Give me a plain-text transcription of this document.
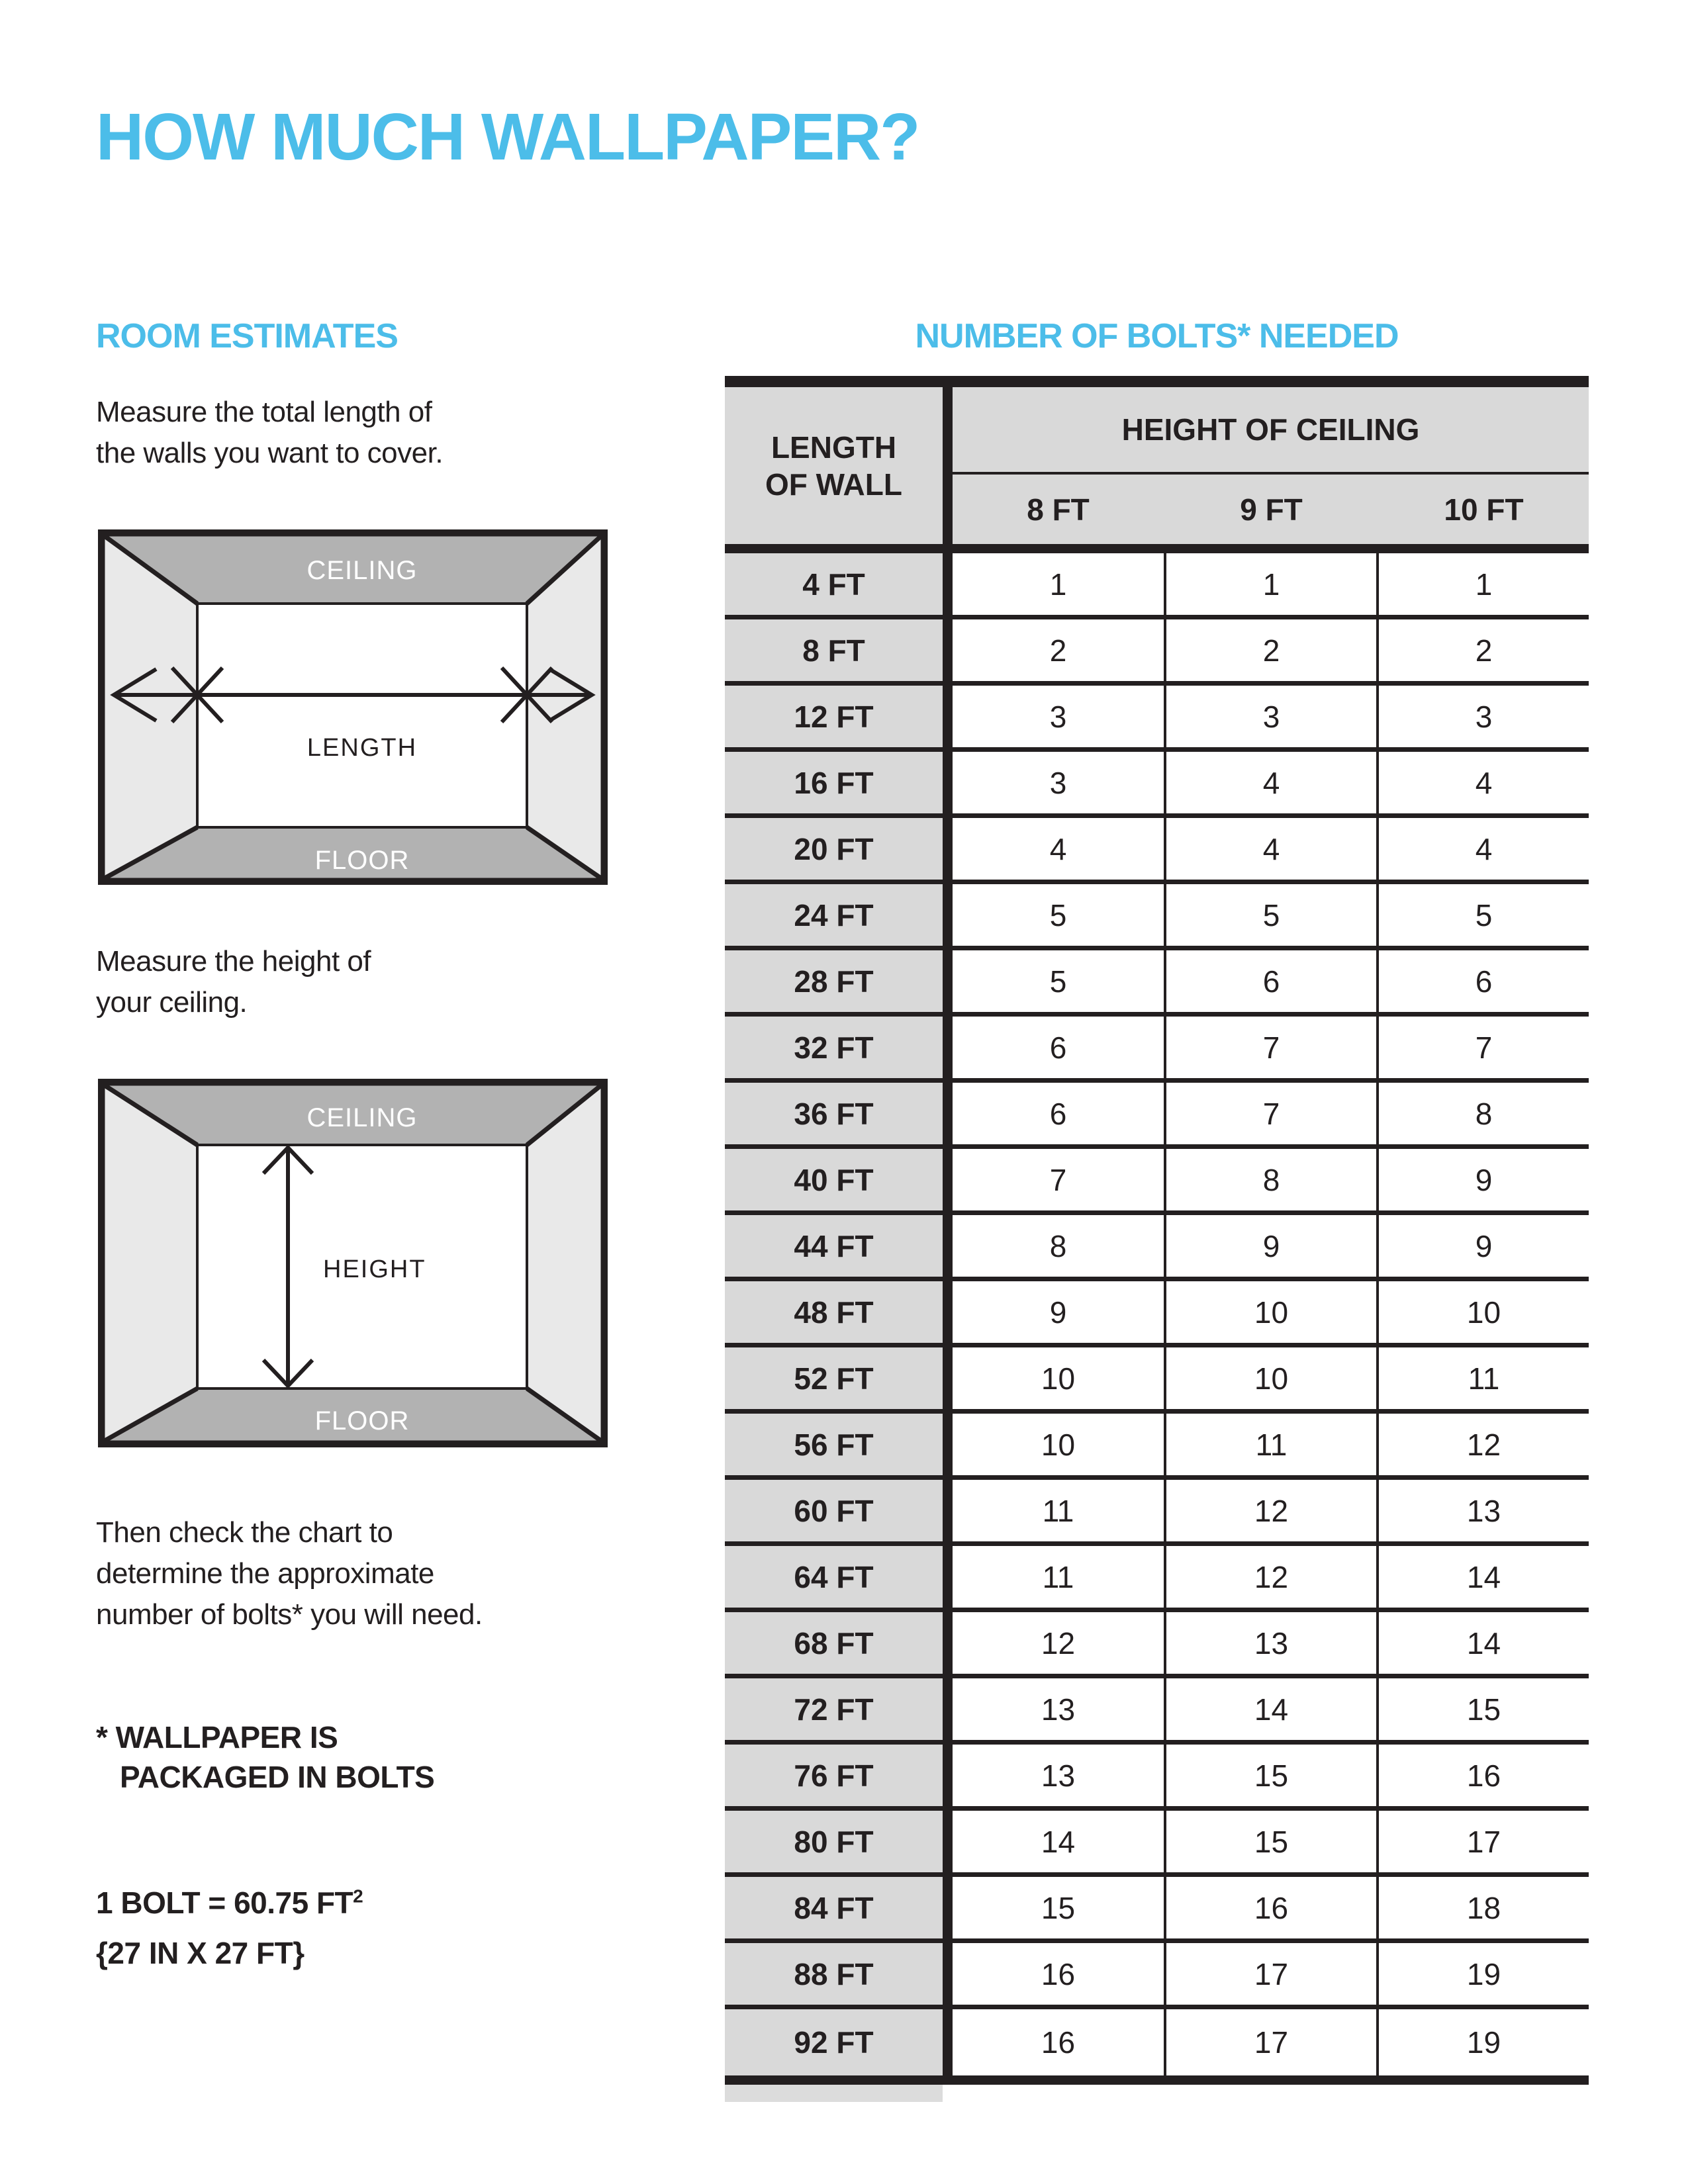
HOW MUCH WALLPAPER?
ROOM ESTIMATES	NUMBER OF BOLTS* NEEDED

Measure the total length of
the walls you want to cover.

CEILING
FLOOR
LENGTH

Measure the height of
your ceiling.

CEILING
FLOOR
HEIGHT

Then check the chart to
determine the approximate
number of bolts* you will need.

* WALLPAPER IS
PACKAGED IN BOLTS

1 BOLT = 60.75 $FT^2$

{27 IN X 27 FT}

LENGTH
OF WALL
HEIGHT OF CEILING
8 FT	9 FT	10 FT
4 FT	1	1	1
8 FT	2	2	2
12 FT	3	3	3
16 FT	3	4	4
20 FT	4	4	4
24 FT	5	5	5
28 FT	5	6	6
32 FT	6	7	7
36 FT	6	7	8
40 FT	7	8	9
44 FT	8	9	9
48 FT	9	10	10
52 FT	10	10	11
56 FT	10	11	12
60 FT	11	12	13
64 FT	11	12	14
68 FT	12	13	14
72 FT	13	14	15
76 FT	13	15	16
80 FT	14	15	17
84 FT	15	16	18
88 FT	16	17	19
92 FT	16	17	19
